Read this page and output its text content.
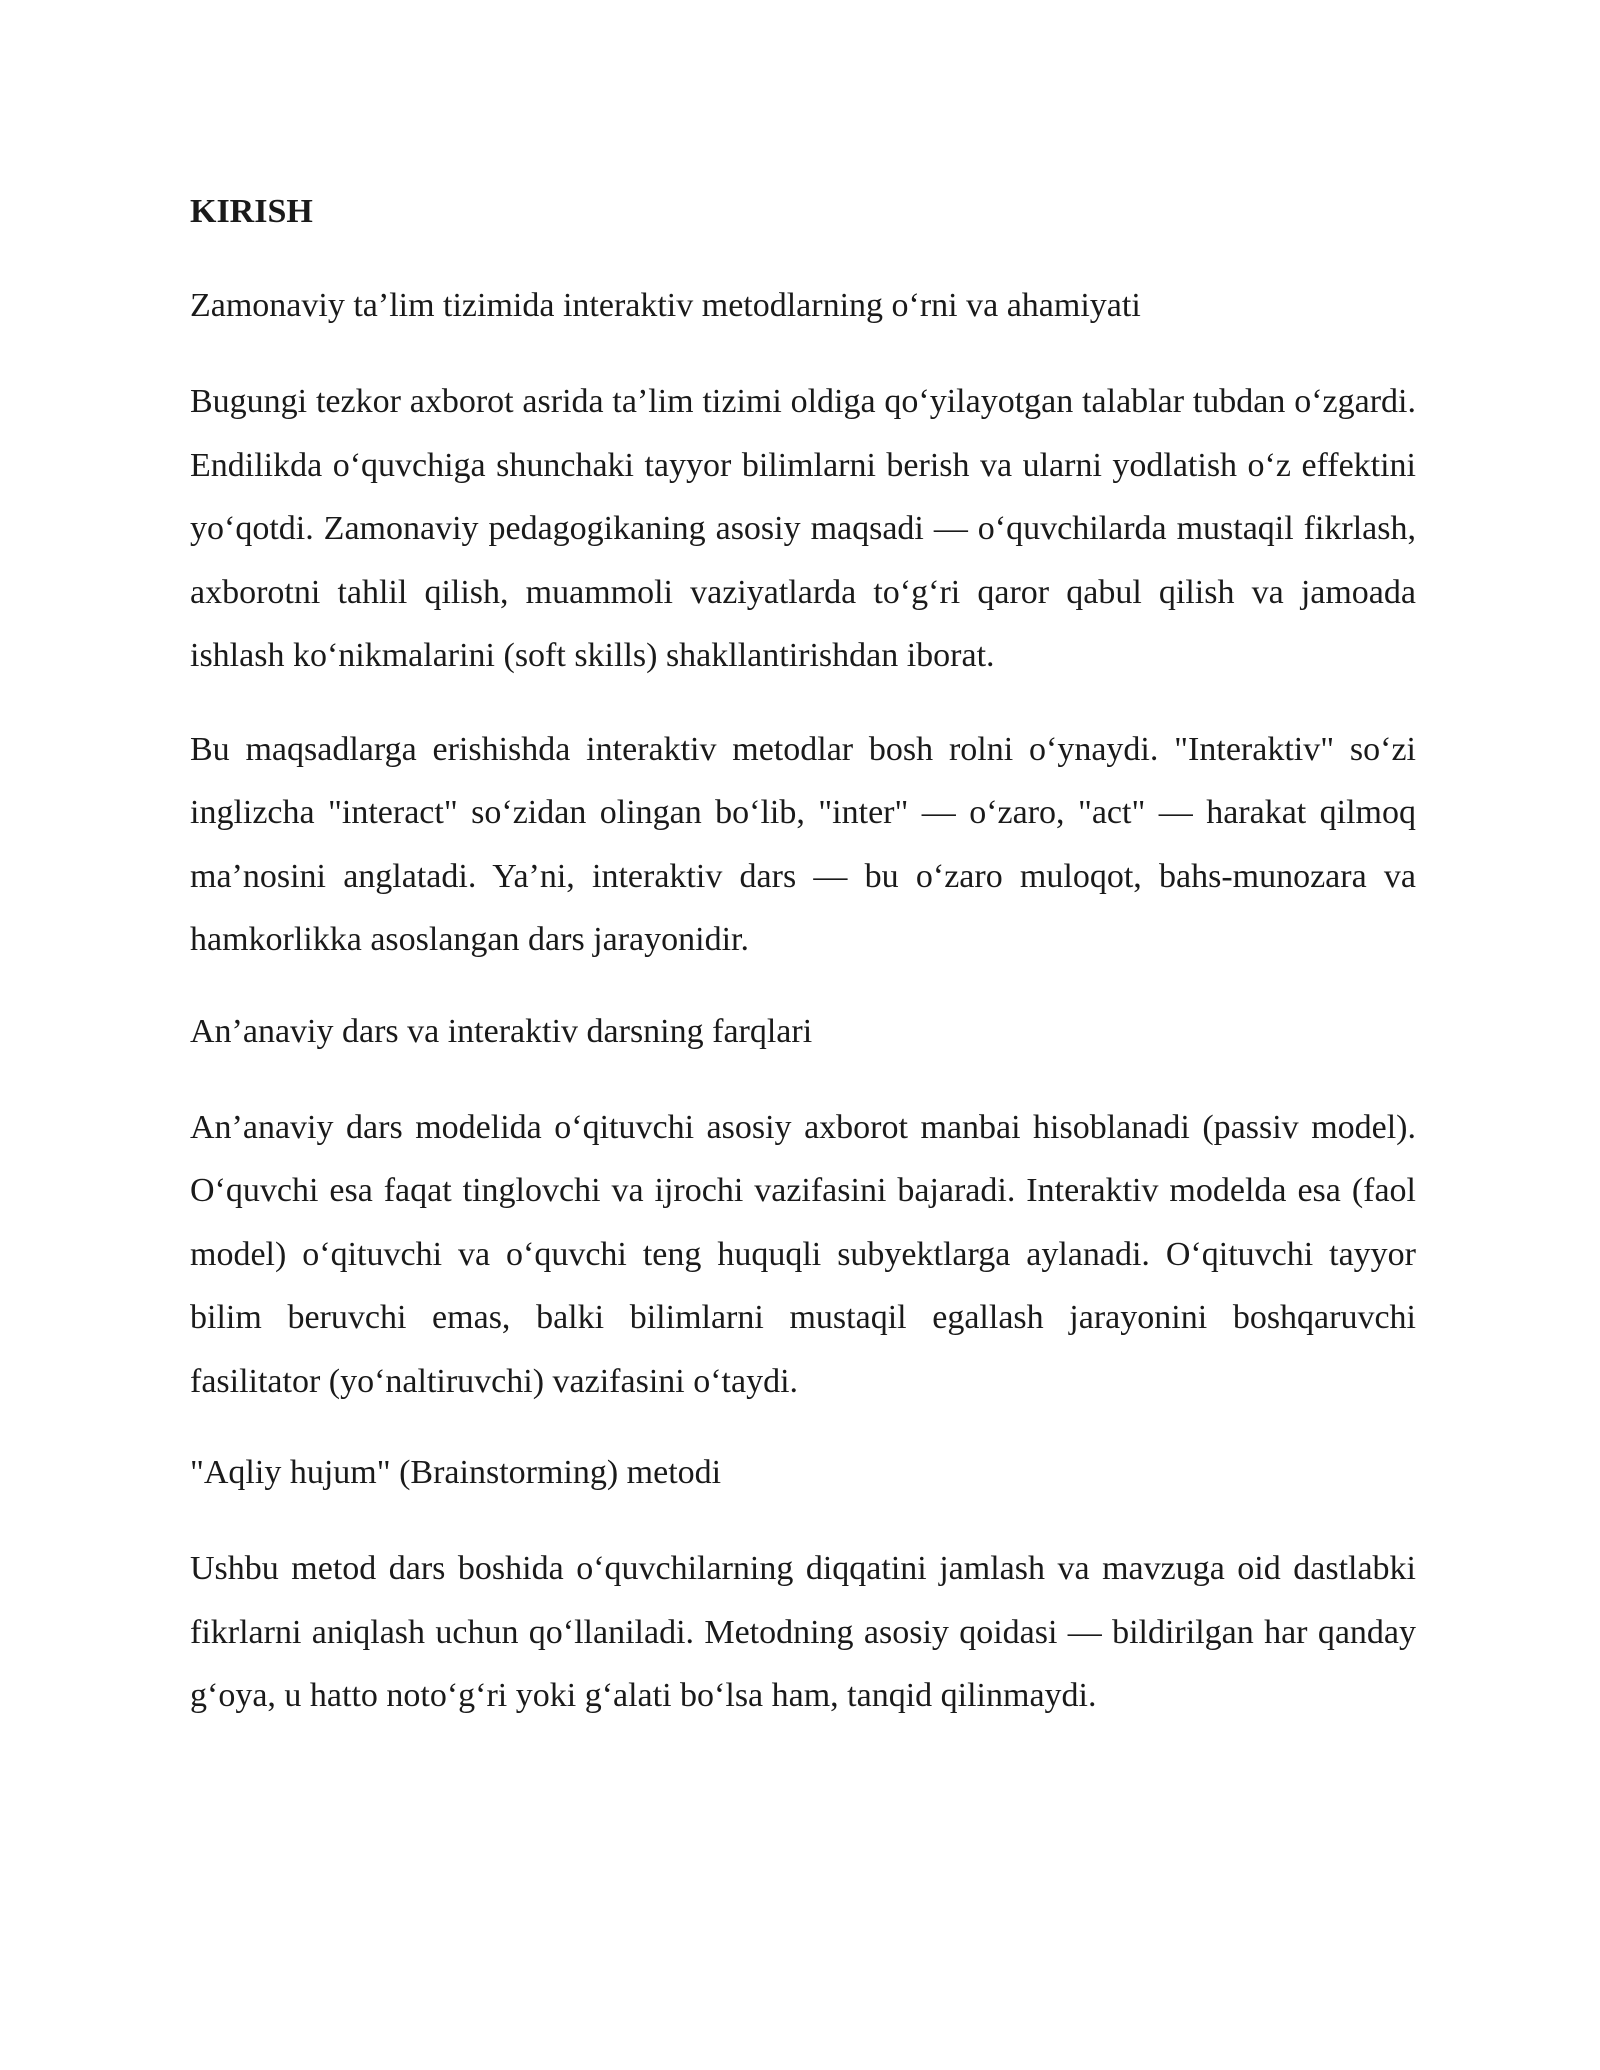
KIRISH
Zamonaviy ta’lim tizimida interaktiv metodlarning o‘rni va ahamiyati

Bugungi tezkor axborot asrida ta’lim tizimi oldiga qo‘yilayotgan talablar tubdan o‘zgardi. Endilikda o‘quvchiga shunchaki tayyor bilimlarni berish va ularni yodlatish o‘z effektini yo‘qotdi. Zamonaviy pedagogikaning asosiy maqsadi — o‘quvchilarda mustaqil fikrlash, axborotni tahlil qilish, muammoli vaziyatlarda to‘g‘ri qaror qabul qilish va jamoada ishlash ko‘nikmalarini (soft skills) shakllantirishdan iborat.

Bu maqsadlarga erishishda interaktiv metodlar bosh rolni o‘ynaydi. "Interaktiv" so‘zi inglizcha "interact" so‘zidan olingan bo‘lib, "inter" — o‘zaro, "act" — harakat qilmoq ma’nosini anglatadi. Ya’ni, interaktiv dars — bu o‘zaro muloqot, bahs-munozara va hamkorlikka asoslangan dars jarayonidir.

An’anaviy dars va interaktiv darsning farqlari

An’anaviy dars modelida o‘qituvchi asosiy axborot manbai hisoblanadi (passiv model). O‘quvchi esa faqat tinglovchi va ijrochi vazifasini bajaradi. Interaktiv modelda esa (faol model) o‘qituvchi va o‘quvchi teng huquqli subyektlarga aylanadi. O‘qituvchi tayyor bilim beruvchi emas, balki bilimlarni mustaqil egallash jarayonini boshqaruvchi fasilitator (yo‘naltiruvchi) vazifasini o‘taydi.

"Aqliy hujum" (Brainstorming) metodi

Ushbu metod dars boshida o‘quvchilarning diqqatini jamlash va mavzuga oid dastlabki fikrlarni aniqlash uchun qo‘llaniladi. Metodning asosiy qoidasi — bildirilgan har qanday g‘oya, u hatto noto‘g‘ri yoki g‘alati bo‘lsa ham, tanqid qilinmaydi.
